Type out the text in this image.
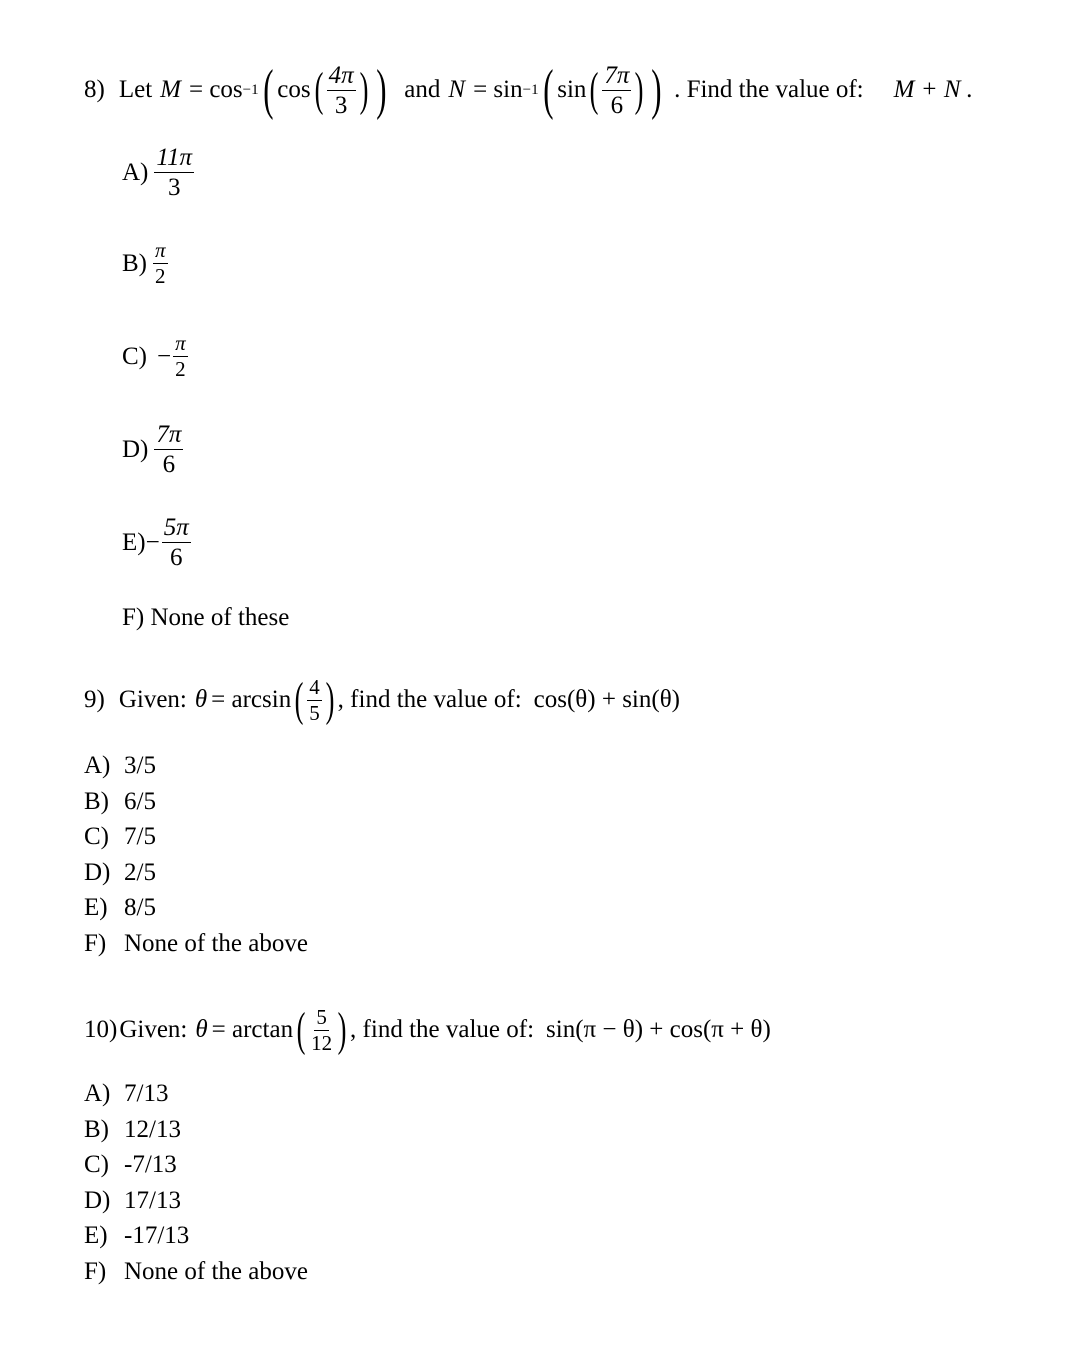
8) Let M = cos −1 ( cos ( $\frac{4\pi}{3}$ ) ) and N = sin −1 ( sin ( $\frac{7\pi}{6}$ ) ) . Find the value of: M + N .
$A) \frac{11\pi}{3}$
$B) \frac{\pi}{2}$
$C) - \frac{\pi}{2}$
$D) \frac{7\pi}{6}$
$E) - \frac{5\pi}{6}$
F) None of these
9) Given: θ = arcsin ( $\frac{4}{5}$ ) , find the value of: cos(θ) + sin(θ)
A) 3/5
B) 6/5
C) 7/5
D) 2/5
E) 8/5
F) None of the above
10) Given: θ = arctan ( $\frac{5}{12}$ ) , find the value of: sin(π − θ) + cos(π + θ)
A) 7/13
B) 12/13
C) -7/13
D) 17/13
E) -17/13
F) None of the above
